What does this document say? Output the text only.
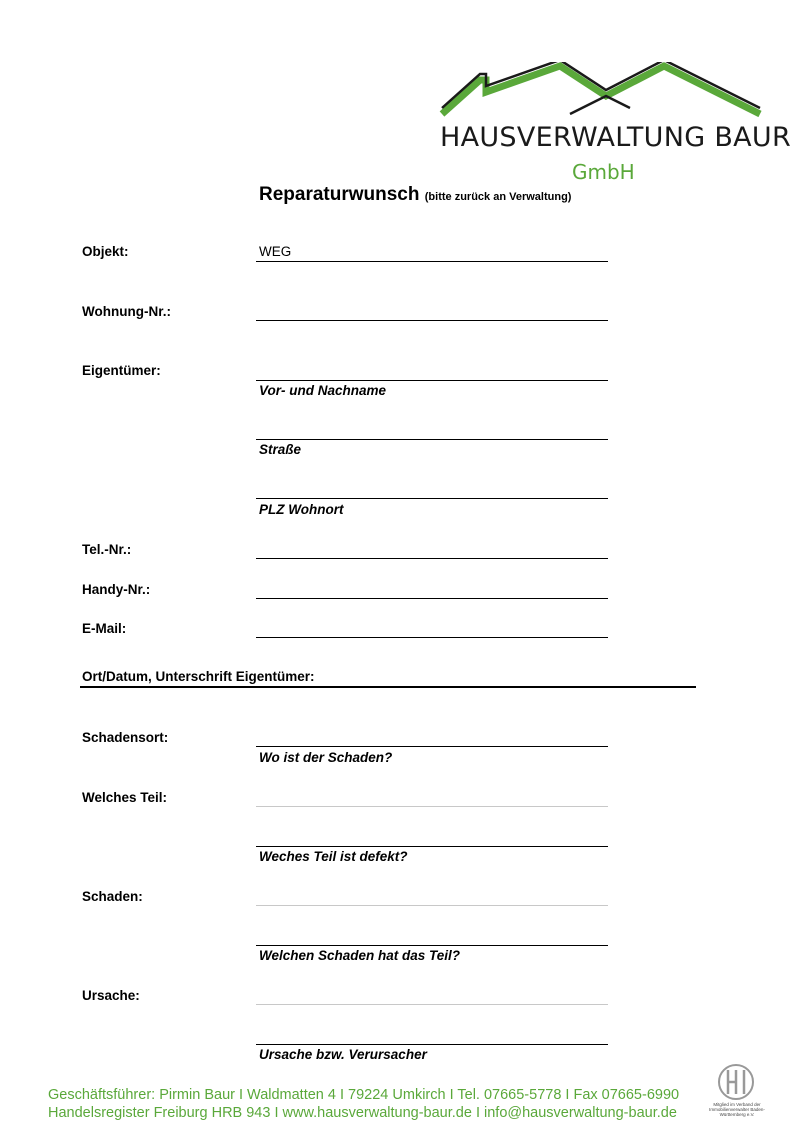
HAUSVERWALTUNG BAUR
GmbH
Reparaturwunsch (bitte zurück an Verwaltung)
Objekt:	WEG
Wohnung-Nr.:
Eigentümer:
Vor- und Nachname
Straße
PLZ Wohnort
Tel.-Nr.:
Handy-Nr.:
E-Mail:
Ort/Datum, Unterschrift Eigentümer:
Schadensort:
Wo ist der Schaden?
Welches Teil:
Weches Teil ist defekt?
Schaden:
Welchen Schaden hat das Teil?
Ursache:
Ursache bzw. Verursacher
Geschäftsführer: Pirmin Baur I Waldmatten 4 I 79224 Umkirch I Tel. 07665-5778 I Fax 07665-6990
Handelsregister Freiburg HRB 943 I www.hausverwaltung-baur.de I info@hausverwaltung-baur.de
Mitglied im Verband der Immobilienverwalter Baden-Württemberg e.V.
